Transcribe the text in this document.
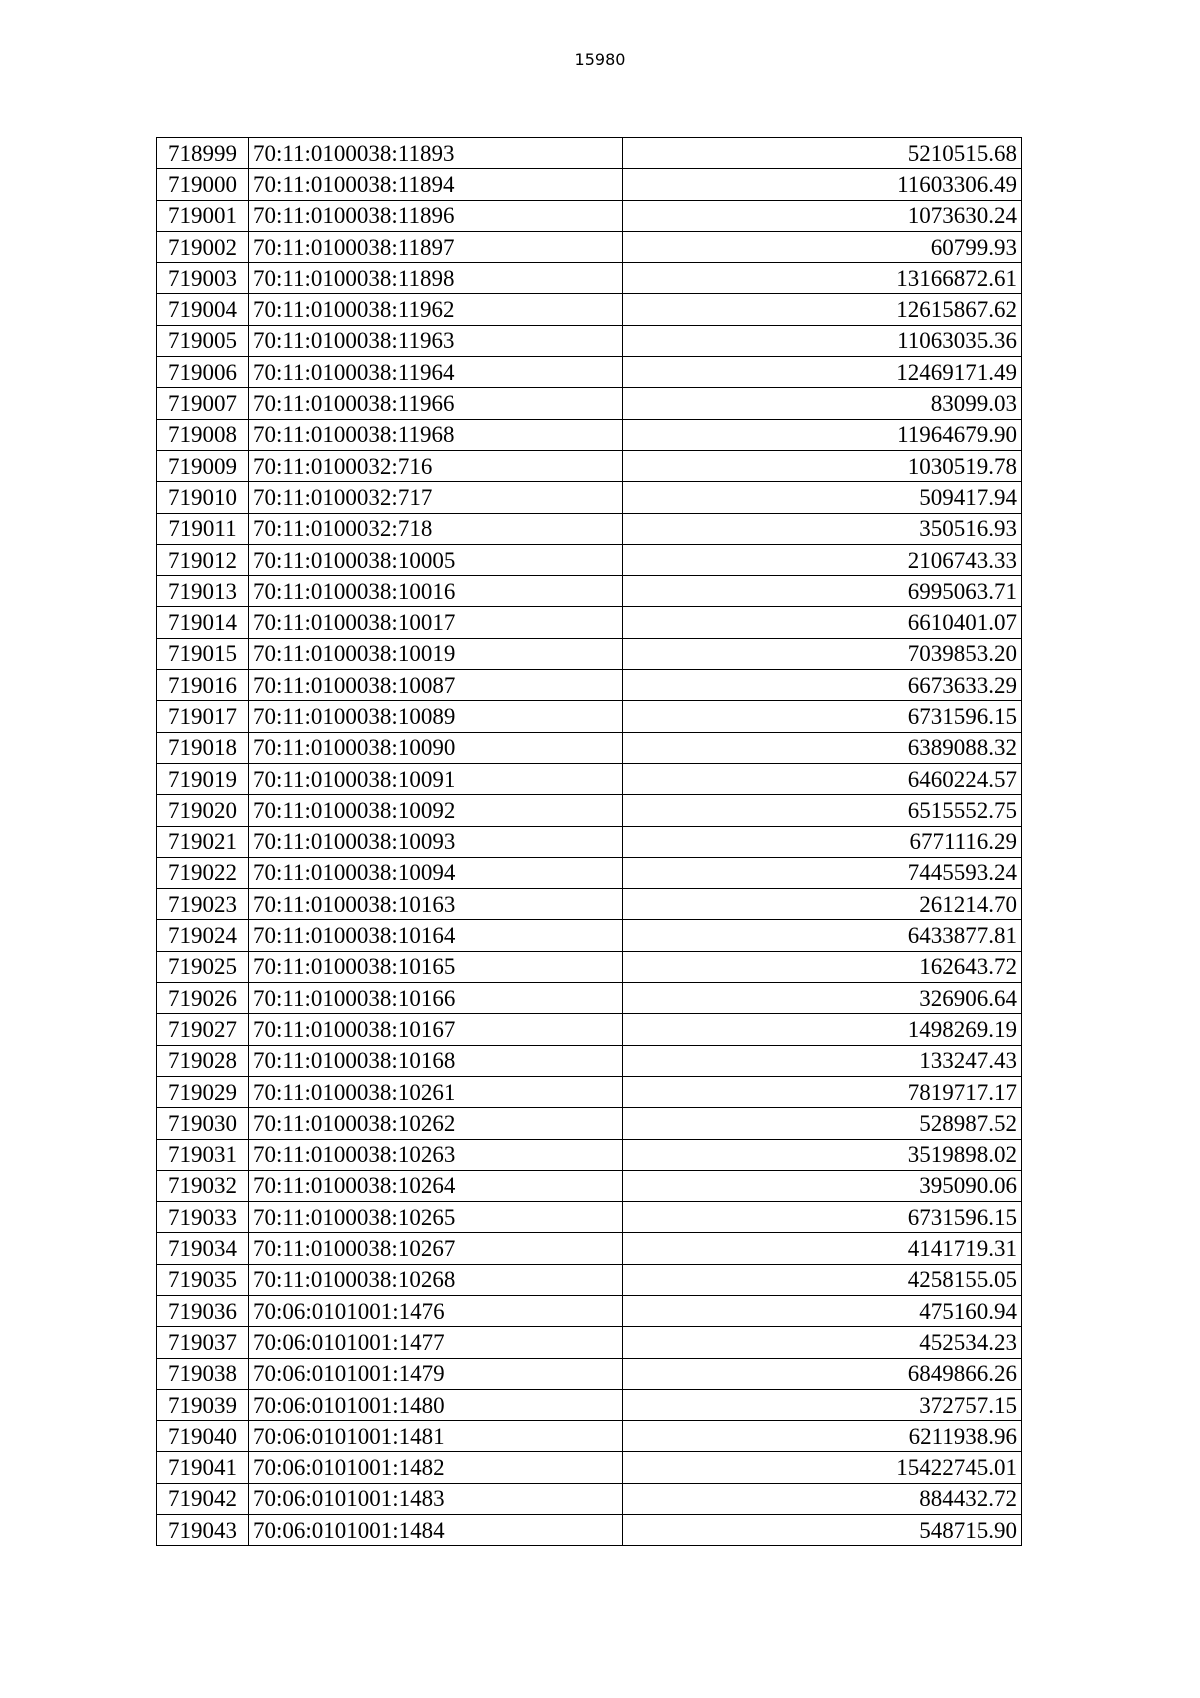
15980
718999	70:11:0100038:11893	5210515.68
719000	70:11:0100038:11894	11603306.49
719001	70:11:0100038:11896	1073630.24
719002	70:11:0100038:11897	60799.93
719003	70:11:0100038:11898	13166872.61
719004	70:11:0100038:11962	12615867.62
719005	70:11:0100038:11963	11063035.36
719006	70:11:0100038:11964	12469171.49
719007	70:11:0100038:11966	83099.03
719008	70:11:0100038:11968	11964679.90
719009	70:11:0100032:716	1030519.78
719010	70:11:0100032:717	509417.94
719011	70:11:0100032:718	350516.93
719012	70:11:0100038:10005	2106743.33
719013	70:11:0100038:10016	6995063.71
719014	70:11:0100038:10017	6610401.07
719015	70:11:0100038:10019	7039853.20
719016	70:11:0100038:10087	6673633.29
719017	70:11:0100038:10089	6731596.15
719018	70:11:0100038:10090	6389088.32
719019	70:11:0100038:10091	6460224.57
719020	70:11:0100038:10092	6515552.75
719021	70:11:0100038:10093	6771116.29
719022	70:11:0100038:10094	7445593.24
719023	70:11:0100038:10163	261214.70
719024	70:11:0100038:10164	6433877.81
719025	70:11:0100038:10165	162643.72
719026	70:11:0100038:10166	326906.64
719027	70:11:0100038:10167	1498269.19
719028	70:11:0100038:10168	133247.43
719029	70:11:0100038:10261	7819717.17
719030	70:11:0100038:10262	528987.52
719031	70:11:0100038:10263	3519898.02
719032	70:11:0100038:10264	395090.06
719033	70:11:0100038:10265	6731596.15
719034	70:11:0100038:10267	4141719.31
719035	70:11:0100038:10268	4258155.05
719036	70:06:0101001:1476	475160.94
719037	70:06:0101001:1477	452534.23
719038	70:06:0101001:1479	6849866.26
719039	70:06:0101001:1480	372757.15
719040	70:06:0101001:1481	6211938.96
719041	70:06:0101001:1482	15422745.01
719042	70:06:0101001:1483	884432.72
719043	70:06:0101001:1484	548715.90
